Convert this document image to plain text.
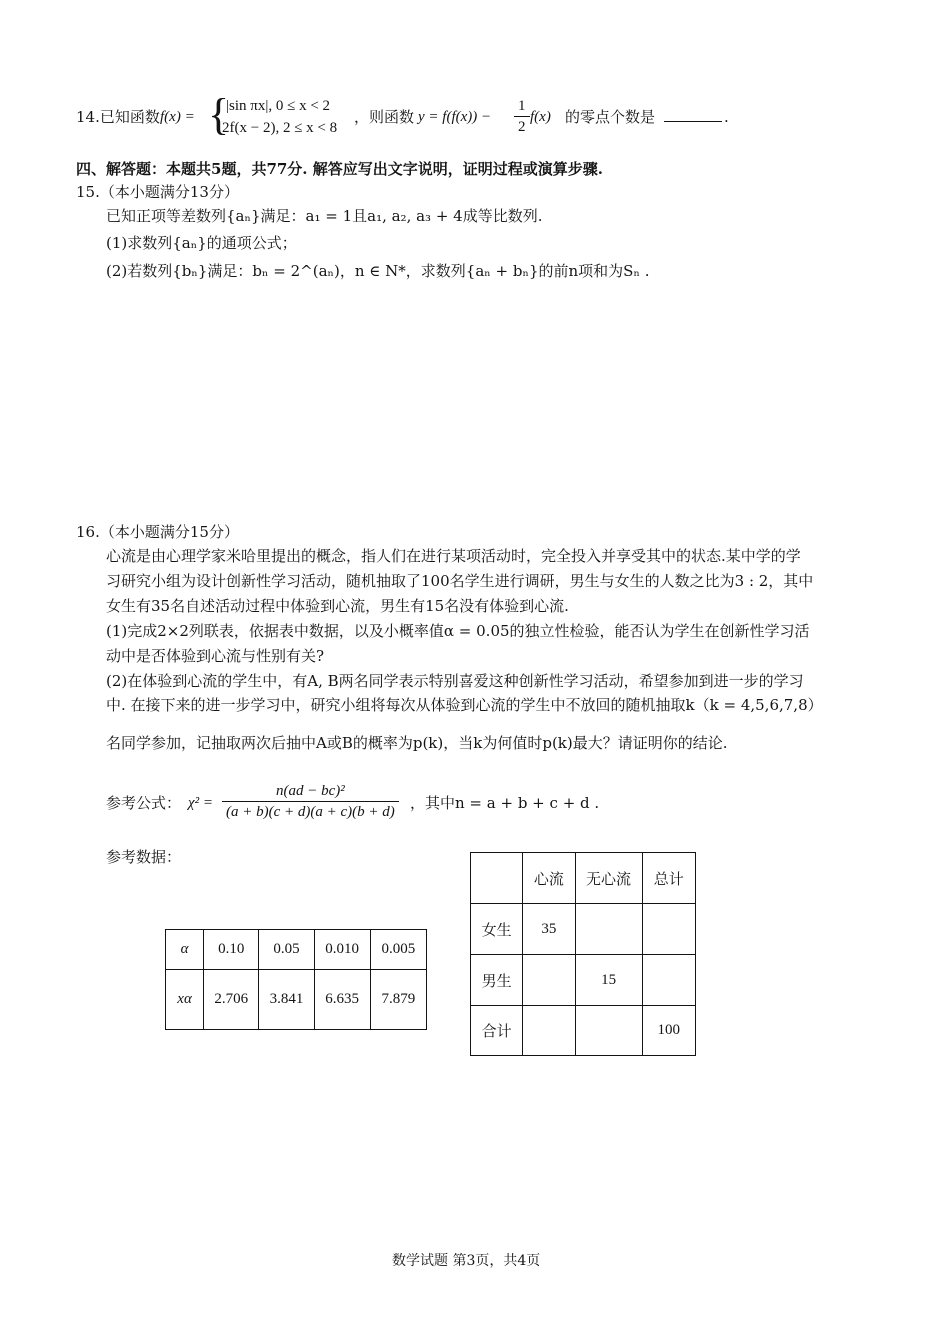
14.已知函数 f(x) = {
|sin πx|, 0 ≤ x < 2
2f(x − 2), 2 ≤ x < 8
，则函数 $y = f(f(x)) - \frac{1}{2} f(x)$ 的零点个数是	.
四、解答题：本题共5题，共77分. 解答应写出文字说明，证明过程或演算步骤.
15.（本小题满分13分）
已知正项等差数列{aₙ}满足：a₁ = 1且a₁, a₂, a₃ + 4成等比数列.
(1)求数列{aₙ}的通项公式；
(2)若数列{bₙ}满足：bₙ = 2^(aₙ)，n ∈ N*，求数列{aₙ + bₙ}的前n项和为Sₙ .
16.（本小题满分15分）
心流是由心理学家米哈里提出的概念，指人们在进行某项活动时，完全投入并享受其中的状态.某中学的学
习研究小组为设计创新性学习活动，随机抽取了100名学生进行调研，男生与女生的人数之比为3 : 2，其中
女生有35名自述活动过程中体验到心流，男生有15名没有体验到心流.
(1)完成2×2列联表，依据表中数据，以及小概率值α = 0.05的独立性检验，能否认为学生在创新性学习活
动中是否体验到心流与性别有关?
(2)在体验到心流的学生中，有A, B两名同学表示特别喜爱这种创新性学习活动，希望参加到进一步的学习
中. 在接下来的进一步学习中，研究小组将每次从体验到心流的学生中不放回的随机抽取k（k = 4,5,6,7,8）
名同学参加，记抽取两次后抽中A或B的概率为p(k)，当k为何值时p(k)最大？请证明你的结论.
参考公式： $\chi^2 = \frac{\text{n(ad − bc)²}}{(a + b)(c + d)(a + c)(b + d)}$ ，其中n = a + b + c + d .
参考数据：
α	0.10	0.05	0.010	0.005
xα	2.706	3.841	6.635	7.879
	心流	无心流	总计
女生	35		
男生		15	
合计			100
数学试题 第3页，共4页
